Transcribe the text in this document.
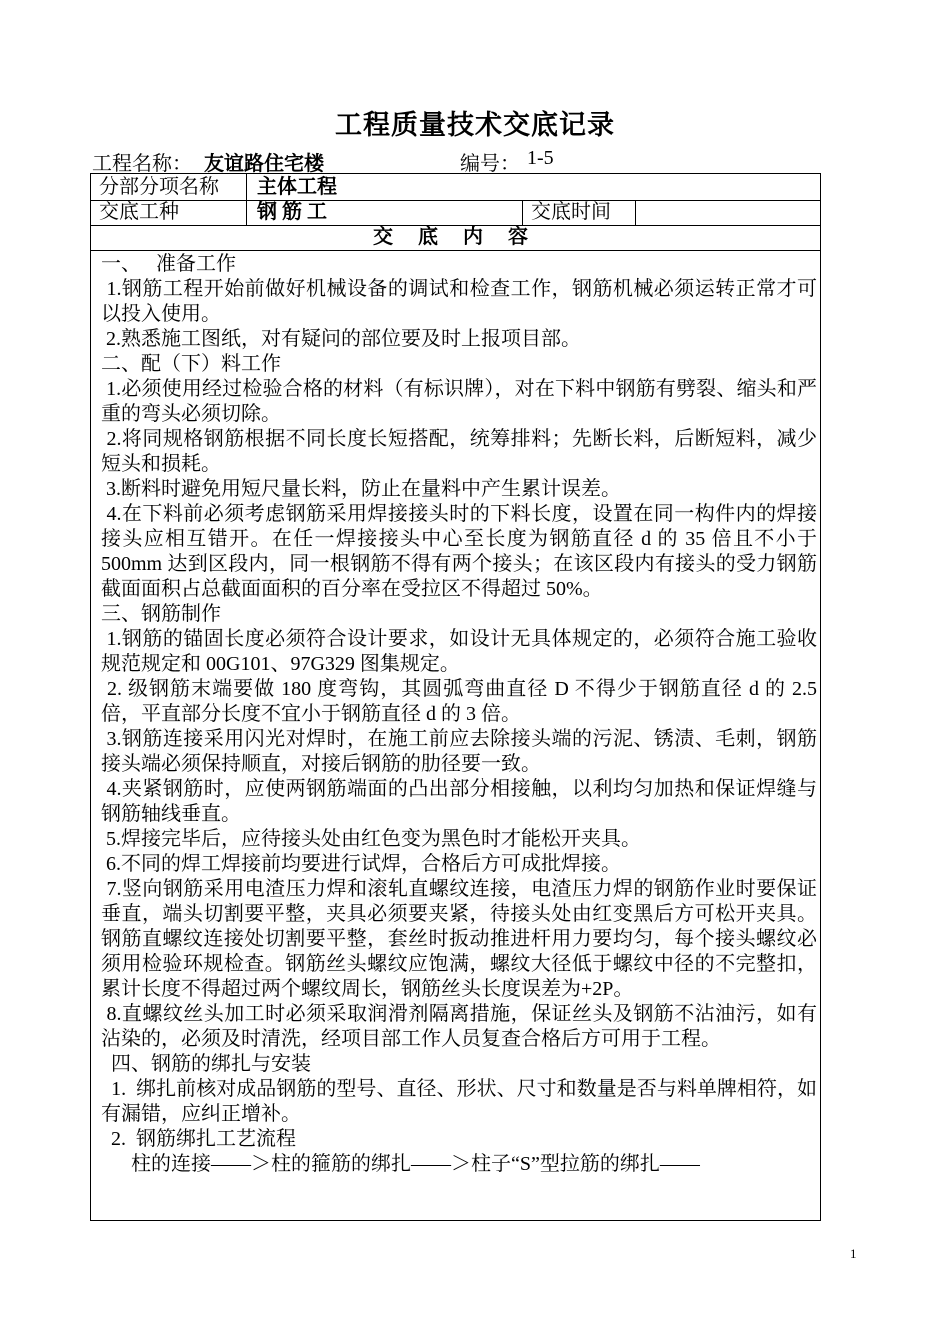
工程质量技术交底记录
工程名称： 友谊路住宅楼	编号： 1-5
分部分项名称 主体工程
交底工种	钢 筋 工	交底时间
交 底 内 容

一、   准备工作

1.钢筋工程开始前做好机械设备的调试和检查工作，钢筋机械必须运转正常才可以投入使用。

2.熟悉施工图纸，对有疑问的部位要及时上报项目部。

二、配（下）料工作

1.必须使用经过检验合格的材料（有标识牌），对在下料中钢筋有劈裂、缩头和严重的弯头必须切除。

2.将同规格钢筋根据不同长度长短搭配，统筹排料；先断长料，后断短料，减少短头和损耗。

3.断料时避免用短尺量长料，防止在量料中产生累计误差。

4.在下料前必须考虑钢筋采用焊接接头时的下料长度，设置在同一构件内的焊接接头应相互错开。在任一焊接接头中心至长度为钢筋直径 d 的 35 倍且不小于 500mm 达到区段内，同一根钢筋不得有两个接头；在该区段内有接头的受力钢筋截面面积占总截面面积的百分率在受拉区不得超过 50%。

三、钢筋制作

1.钢筋的锚固长度必须符合设计要求，如设计无具体规定的，必须符合施工验收规范规定和 00G101、97G329 图集规定。

2. 级钢筋末端要做 180 度弯钩，其圆弧弯曲直径 D 不得少于钢筋直径 d 的 2.5 倍，平直部分长度不宜小于钢筋直径 d 的 3 倍。

3.钢筋连接采用闪光对焊时，在施工前应去除接头端的污泥、锈渍、毛刺，钢筋接头端必须保持顺直，对接后钢筋的肋径要一致。

4.夹紧钢筋时，应使两钢筋端面的凸出部分相接触，以利均匀加热和保证焊缝与钢筋轴线垂直。

5.焊接完毕后，应待接头处由红色变为黑色时才能松开夹具。

6.不同的焊工焊接前均要进行试焊，合格后方可成批焊接。

7.竖向钢筋采用电渣压力焊和滚轧直螺纹连接，电渣压力焊的钢筋作业时要保证垂直，端头切割要平整，夹具必须要夹紧，待接头处由红变黑后方可松开夹具。钢筋直螺纹连接处切割要平整，套丝时扳动推进杆用力要均匀，每个接头螺纹必须用检验环规检查。钢筋丝头螺纹应饱满，螺纹大径低于螺纹中径的不完整扣，累计长度不得超过两个螺纹周长，钢筋丝头长度误差为+2P。

8.直螺纹丝头加工时必须采取润滑剂隔离措施，保证丝头及钢筋不沾油污，如有沾染的，必须及时清洗，经项目部工作人员复查合格后方可用于工程。

四、钢筋的绑扎与安装

1.  绑扎前核对成品钢筋的型号、直径、形状、尺寸和数量是否与料单牌相符，如有漏错，应纠正增补。

2.  钢筋绑扎工艺流程

柱的连接——＞柱的箍筋的绑扎——＞柱子“S”型拉筋的绑扎——

1
